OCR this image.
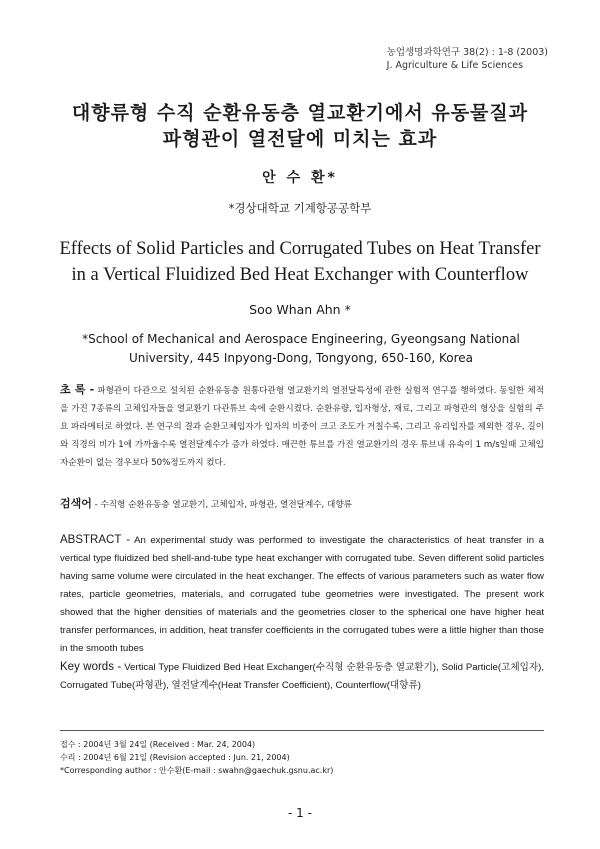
농업생명과학연구 38(2) : 1-8 (2003)
J. Agriculture & Life Sciences
대향류형 수직 순환유동층 열교환기에서 유동물질과
파형관이 열전달에 미치는 효과
안 수 환*
*경상대학교 기계항공공학부
Effects of Solid Particles and Corrugated Tubes on Heat Transfer
in a Vertical Fluidized Bed Heat Exchanger with Counterflow
Soo Whan Ahn *
*School of Mechanical and Aerospace Engineering, Gyeongsang National
University, 445 Inpyong-Dong, Tongyong, 650-160, Korea
초 록 - 파형관이 다관으로 설치된 순환유동층 원통다관형 열교환기의 열전달특성에 관한 실험적 연구를 행하였다. 동일한 체적을 가진 7종류의 고체입자들을 열교환기 다관튜브 속에 순환시켰다. 순환유량, 입자형상, 재료, 그리고 파형관의 형상을 실험의 주요 파라메터로 하였다. 본 연구의 결과 순환고체입자가 입자의 비중이 크고 조도가 거칠수록, 그리고 유리입자를 제외한 경우, 길이와 직경의 비가 1에 가까울수록 열전달계수가 증가 하였다. 매끈한 튜브를 가진 열교환기의 경우 튜브내 유속이 1 m/s일때 고체입자순환이 없는 경우보다 50%정도까지 컸다.
검색어 - 수직형 순환유동층 열교환기, 고체입자, 파형관, 열전달계수, 대향류
ABSTRACT - An experimental study was performed to investigate the characteristics of heat transfer in a vertical type fluidized bed shell-and-tube type heat exchanger with corrugated tube. Seven different solid particles having same volume were circulated in the heat exchanger. The effects of various parameters such as water flow rates, particle geometries, materials, and corrugated tube geometries were investigated. The present work showed that the higher densities of materials and the geometries closer to the spherical one have higher heat transfer performances, in addition, heat transfer coefficients in the corrugated tubes were a little higher than those in the smooth tubes
Key words - Vertical Type Fluidized Bed Heat Exchanger(수직형 순환유동층 열교환기), Solid Particle(고체입자), Corrugated Tube(파형관), 열전달계수(Heat Transfer Coefficient), Counterflow(대향류)
접수 : 2004년 3월 24일 (Received : Mar. 24, 2004)
수리 : 2004년 6월 21일 (Revision accepted : Jun. 21, 2004)
*Corresponding author : 안수환(E-mail : swahn@gaechuk.gsnu.ac.kr)
- 1 -
